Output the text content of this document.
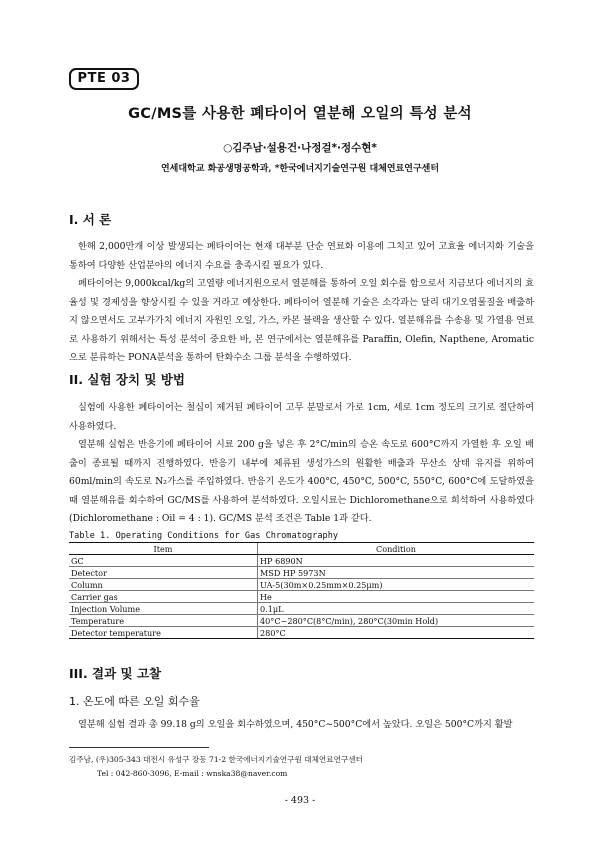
PTE 03
GC/MS를 사용한 폐타이어 열분해 오일의 특성 분석
○김주남·설용건·나정걸*·정수현*
연세대학교 화공생명공학과, *한국에너지기술연구원 대체연료연구센터
I. 서 론

한해 2,000만개 이상 발생되는 폐타이어는 현재 대부분 단순 연료화 이용에 그치고 있어 고효율 에너지화 기술을 통하여 다양한 산업분야의 에너지 수요를 충족시킬 필요가 있다.

폐타이어는 9,000kcal/kg의 고열량 에너지원으로서 열분해를 통하여 오일 회수를 함으로서 지금보다 에너지의 효율성 및 경제성을 향상시킬 수 있을 거라고 예상한다. 폐타이어 열분해 기술은 소각과는 달리 대기오염물질을 배출하지 않으면서도 고부가가치 에너지 자원인 오일, 가스, 카본 블랙을 생산할 수 있다. 열분해유를 수송용 및 가열용 연료로 사용하기 위해서는 특성 분석이 중요한 바, 본 연구에서는 열분해유를 Paraffin, Olefin, Napthene, Aromatic으로 분류하는 PONA분석을 통하여 탄화수소 그룹 분석을 수행하였다.

II. 실험 장치 및 방법

실험에 사용한 폐타이어는 철심이 제거된 폐타이어 고무 분말로서 가로 1cm, 세로 1cm 정도의 크기로 절단하여 사용하였다.

열분해 실험은 반응기에 폐타이어 시료 200 g을 넣은 후 2°C/min의 승온 속도로 600°C까지 가열한 후 오일 배출이 종료될 때까지 진행하였다. 반응기 내부에 체류된 생성가스의 원활한 배출과 무산소 상태 유지를 위하여 60ml/min의 속도로 N₂가스를 주입하였다. 반응기 온도가 400°C, 450°C, 500°C, 550°C, 600°C에 도달하였을 때 열분해유를 회수하여 GC/MS를 사용하여 분석하였다. 오일시료는 Dichloromethane으로 희석하여 사용하였다(Dichloromethane : Oil = 4 : 1). GC/MS 분석 조건은 Table 1과 같다.

Table 1. Operating Conditions for Gas Chromatography
Item	Condition
GC	HP 6890N
Detector	MSD HP 5973N
Column	UA-5(30m×0.25mm×0.25μm)
Carrier gas	He
Injection Volume	0.1μL
Temperature	40°C~280°C(8°C/min), 280°C(30min Hold)
Detector temperature	280°C
III. 결과 및 고찰
1. 온도에 따른 오일 회수율

열분해 실험 결과 총 99.18 g의 오일을 회수하였으며, 450°C~500°C에서 높았다. 오일은 500°C까지 활발

김주남, (우)305-343 대전시 유성구 장동 71-2 한국에너지기술연구원 대체연료연구센터
Tel : 042-860-3096, E-mail : wnska38@naver.com
- 493 -
